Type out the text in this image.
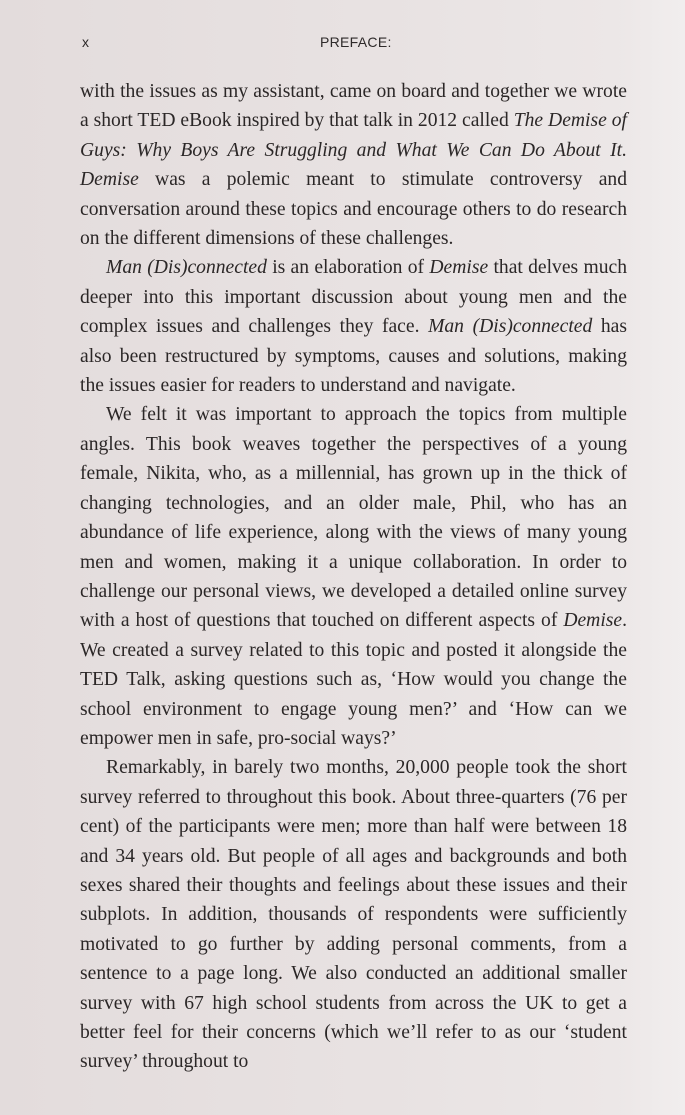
x	PREFACE:

with the issues as my assistant, came on board and together we wrote a short TED eBook inspired by that talk in 2012 called The Demise of Guys: Why Boys Are Struggling and What We Can Do About It. Demise was a polemic meant to stimulate controversy and conversation around these topics and encourage others to do research on the different dimensions of these challenges.

Man (Dis)connected is an elaboration of Demise that delves much deeper into this important discussion about young men and the complex issues and challenges they face. Man (Dis)connected has also been restructured by symptoms, causes and solutions, making the issues easier for readers to understand and navigate.

We felt it was important to approach the topics from multiple angles. This book weaves together the perspectives of a young female, Nikita, who, as a millennial, has grown up in the thick of changing technologies, and an older male, Phil, who has an abundance of life experience, along with the views of many young men and women, making it a unique collaboration. In order to challenge our personal views, we developed a detailed online survey with a host of questions that touched on different aspects of Demise. We created a survey related to this topic and posted it alongside the TED Talk, asking questions such as, ‘How would you change the school environment to engage young men?’ and ‘How can we empower men in safe, pro-social ways?’

Remarkably, in barely two months, 20,000 people took the short survey referred to throughout this book. About three-quarters (76 per cent) of the participants were men; more than half were between 18 and 34 years old. But people of all ages and backgrounds and both sexes shared their thoughts and feelings about these issues and their subplots. In addition, thousands of respondents were sufficiently motivated to go further by adding personal comments, from a sentence to a page long. We also conducted an additional smaller survey with 67 high school students from across the UK to get a better feel for their concerns (which we’ll refer to as our ‘student survey’ throughout to
